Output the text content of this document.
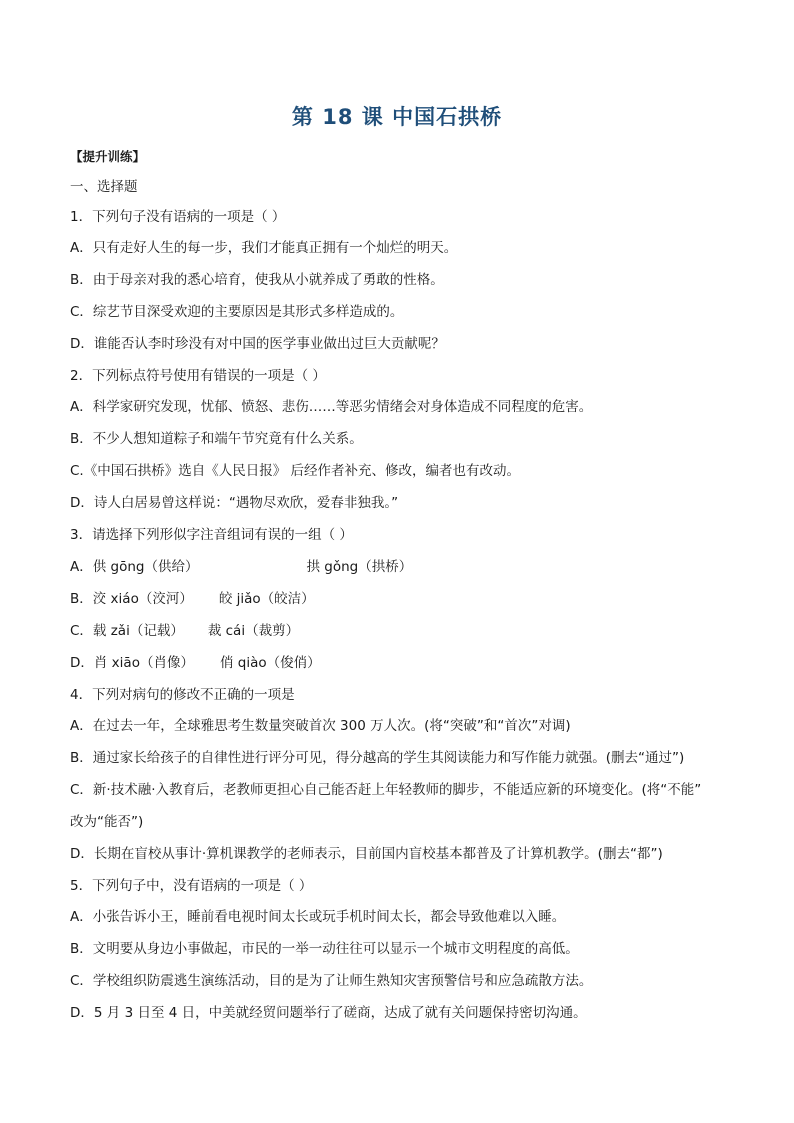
第 18 课 中国石拱桥
【提升训练】
一、选择题
1．下列句子没有语病的一项是（ ）
A．只有走好人生的每一步，我们才能真正拥有一个灿烂的明天。
B．由于母亲对我的悉心培育，使我从小就养成了勇敢的性格。
C．综艺节目深受欢迎的主要原因是其形式多样造成的。
D．谁能否认李时珍没有对中国的医学事业做出过巨大贡献呢？
2．下列标点符号使用有错误的一项是（ ）
A．科学家研究发现，忧郁、愤怒、悲伤……等恶劣情绪会对身体造成不同程度的危害。
B．不少人想知道粽子和端午节究竟有什么关系。
C.《中国石拱桥》选自《人民日报》 后经作者补充、修改，编者也有改动。
D．诗人白居易曾这样说：“遇物尽欢欣，爱春非独我。”
3．请选择下列形似字注音组词有误的一组（ ）
A．供 gōng（供给）	拱 gǒng（拱桥）
B．洨 xiáo（洨河） 皎 jiǎo（皎洁）
C．载 zǎi（记载） 裁 cái（裁剪）
D．肖 xiāo（肖像） 俏 qiào（俊俏）
4．下列对病句的修改不正确的一项是
A．在过去一年，全球雅思考生数量突破首次 300 万人次。(将“突破”和“首次”对调)
B．通过家长给孩子的自律性进行评分可见，得分越高的学生其阅读能力和写作能力就强。(删去“通过”)
C．新·技术融·入教育后，老教师更担心自己能否赶上年轻教师的脚步，不能适应新的环境变化。(将“不能”
改为“能否”)
D．长期在盲校从事计·算机课教学的老师表示，目前国内盲校基本都普及了计算机教学。(删去“都”)
5．下列句子中，没有语病的一项是（ ）
A．小张告诉小王，睡前看电视时间太长或玩手机时间太长，都会导致他难以入睡。
B．文明要从身边小事做起，市民的一举一动往往可以显示一个城市文明程度的高低。
C．学校组织防震逃生演练活动，目的是为了让师生熟知灾害预警信号和应急疏散方法。
D．5 月 3 日至 4 日，中美就经贸问题举行了磋商，达成了就有关问题保持密切沟通。
